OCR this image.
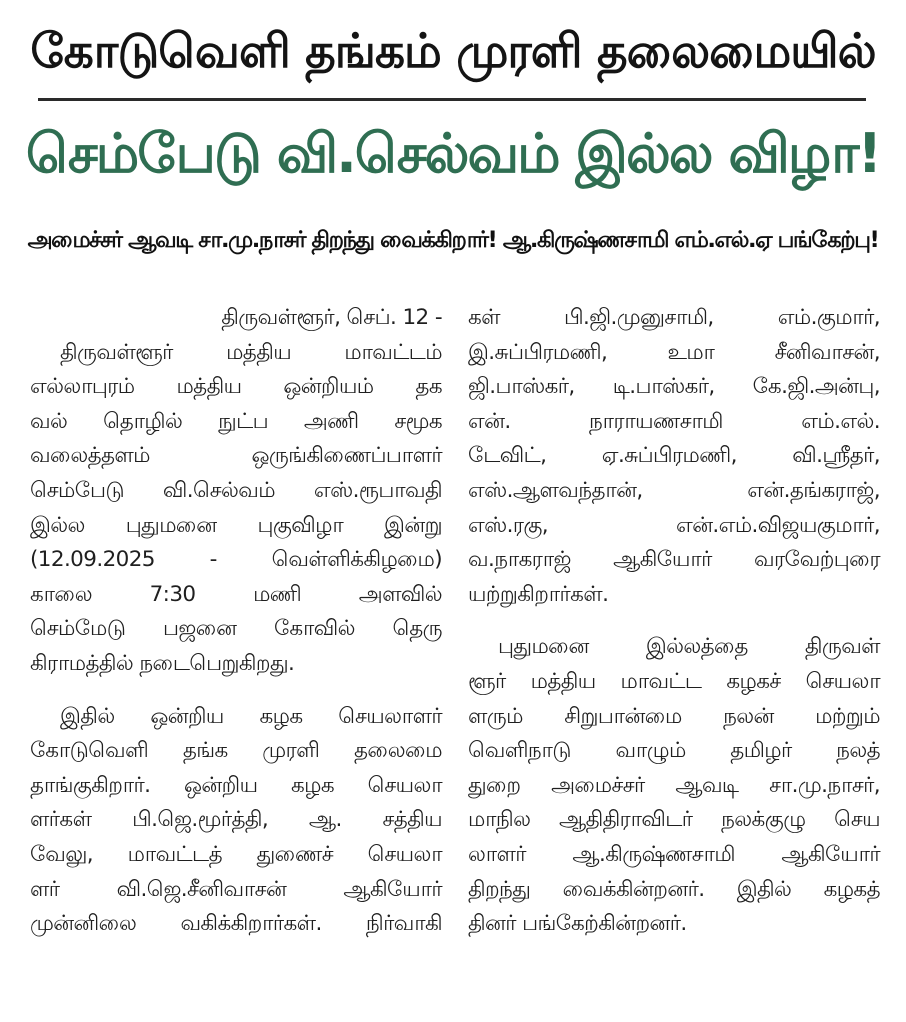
கோடுவெளி தங்கம் முரளி தலைமையில்
செம்பேடு வி.செல்வம் இல்ல விழா!
அமைச்சர் ஆவடி சா.மு.நாசர் திறந்து வைக்கிறார்! ஆ.கிருஷ்ணசாமி எம்.எல்.ஏ பங்கேற்பு!
திருவள்ளூர், செப். 12 -
திருவள்ளூர் மத்திய மாவட்டம்
எல்லாபுரம் மத்திய ஒன்றியம் தக
வல் தொழில் நுட்ப அணி சமூக
வலைத்தளம் ஒருங்கிணைப்பாளர்
செம்பேடு வி.செல்வம் எஸ்.ரூபாவதி
இல்ல புதுமனை புகுவிழா இன்று
(12.09.2025 - வெள்ளிக்கிழமை)
காலை 7:30 மணி அளவில்
செம்மேடு பஜனை கோவில் தெரு
கிராமத்தில் நடைபெறுகிறது.
இதில் ஒன்றிய கழக செயலாளர்
கோடுவெளி தங்க முரளி தலைமை
தாங்குகிறார். ஒன்றிய கழக செயலா
ளர்கள் பி.ஜெ.மூர்த்தி, ஆ. சத்திய
வேலு, மாவட்டத் துணைச் செயலா
ளர் வி.ஜெ.சீனிவாசன் ஆகியோர்
முன்னிலை வகிக்கிறார்கள். நிர்வாகி
கள் பி.ஜி.முனுசாமி, எம்.குமார்,
இ.சுப்பிரமணி, உமா சீனிவாசன்,
ஜி.பாஸ்கர், டி.பாஸ்கர், கே.ஜி.அன்பு,
என். நாராயணசாமி எம்.எல்.
டேவிட், ஏ.சுப்பிரமணி, வி.ஸ்ரீதர்,
எஸ்.ஆளவந்தான், என்.தங்கராஜ்,
எஸ்.ரகு, என்.எம்.விஜயகுமார்,
வ.நாகராஜ் ஆகியோர் வரவேற்புரை
யற்றுகிறார்கள்.
புதுமனை இல்லத்தை திருவள்
ளூர் மத்திய மாவட்ட கழகச் செயலா
ளரும் சிறுபான்மை நலன் மற்றும்
வெளிநாடு வாழும் தமிழர் நலத்
துறை அமைச்சர் ஆவடி சா.மு.நாசர்,
மாநில ஆதிதிராவிடர் நலக்குழு செய
லாளர் ஆ.கிருஷ்ணசாமி ஆகியோர்
திறந்து வைக்கின்றனர். இதில் கழகத்
தினர் பங்கேற்கின்றனர்.
